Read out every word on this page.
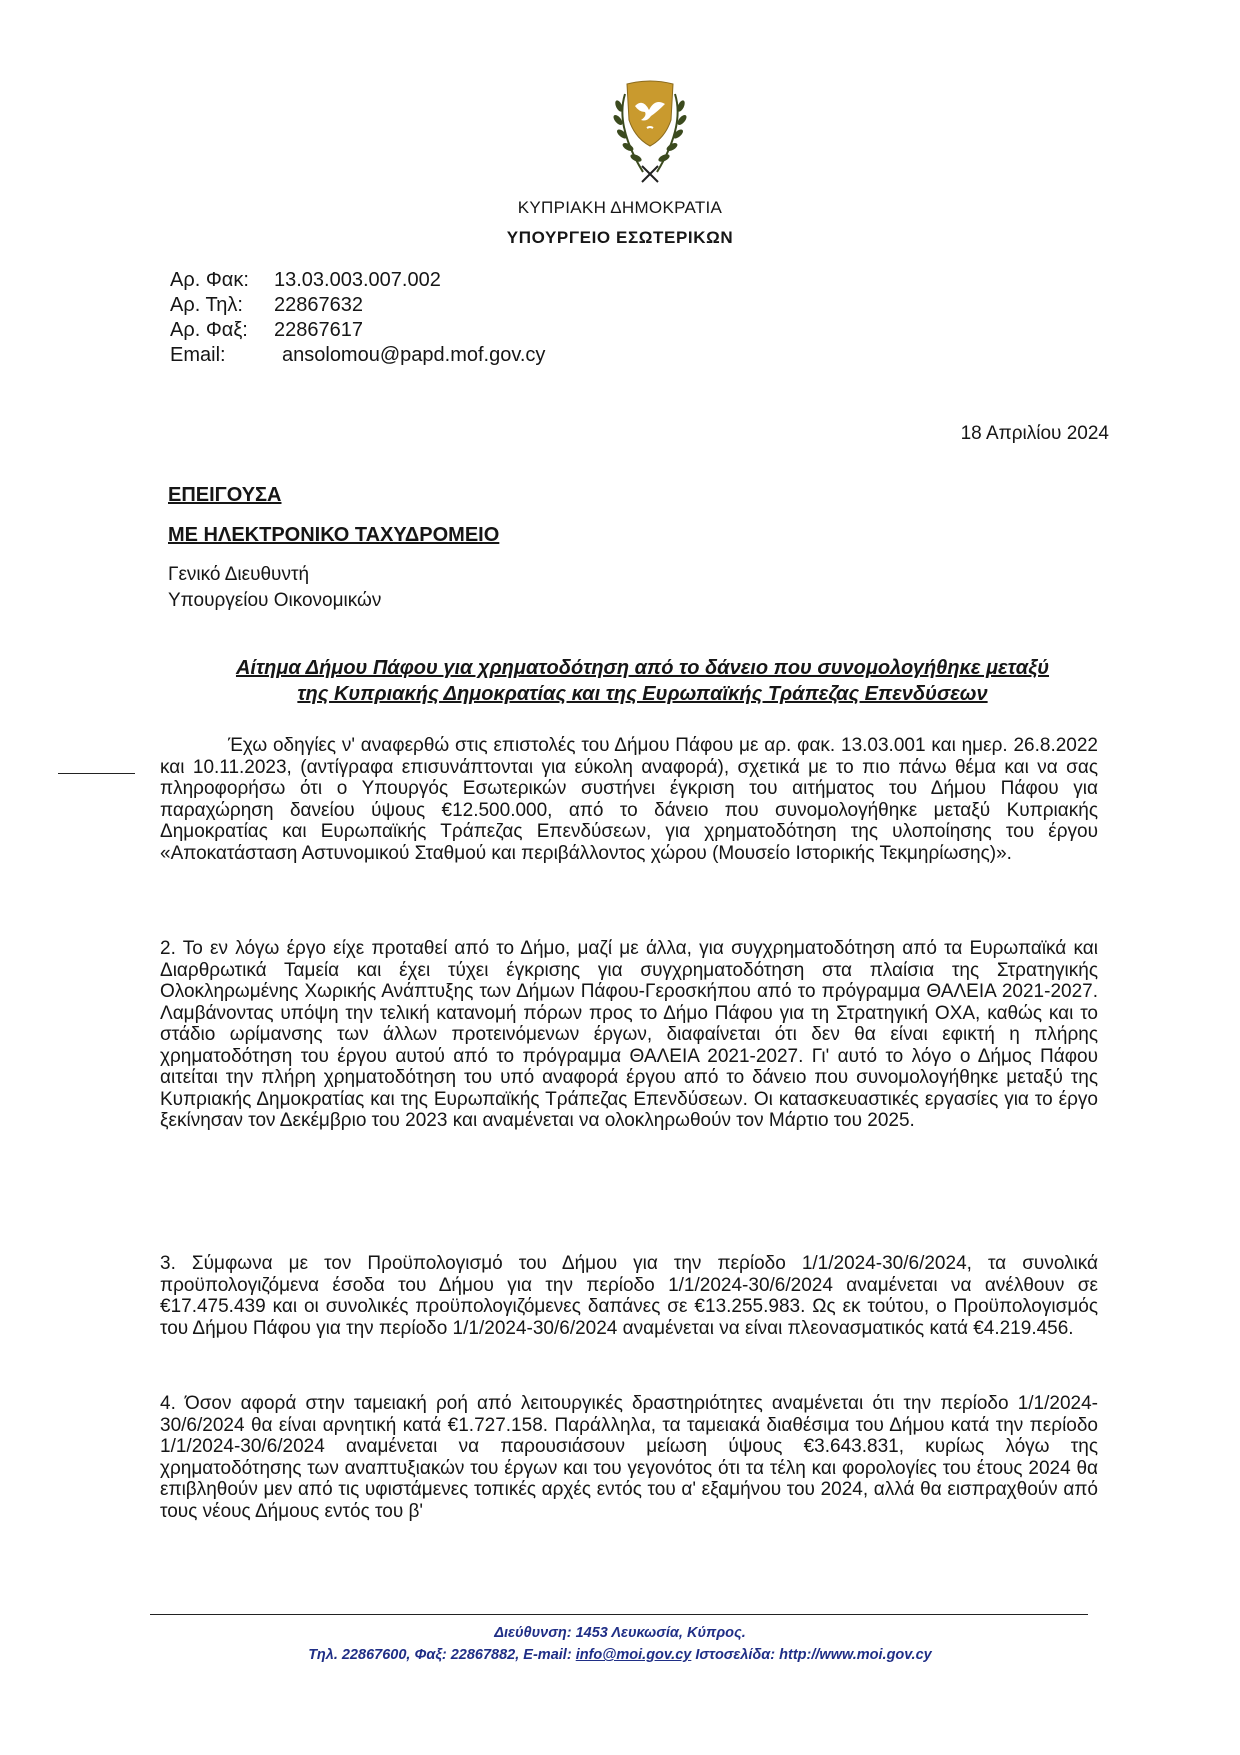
ΚΥΠΡΙΑΚΗ ΔΗΜΟΚΡΑΤΙΑ
ΥΠΟΥΡΓΕΙΟ ΕΣΩΤΕΡΙΚΩΝ
Αρ. Φακ:	13.03.003.007.002
Αρ. Τηλ:	22867632
Αρ. Φαξ:	22867617
Email:	ansolomou@papd.mof.gov.cy
18 Απριλίου 2024
ΕΠΕΙΓΟΥΣΑ
ΜΕ ΗΛΕΚΤΡΟΝΙΚΟ ΤΑΧΥΔΡΟΜΕΙΟ
Γενικό Διευθυντή
Υπουργείου Οικονομικών
Αίτημα Δήμου Πάφου για χρηματοδότηση από το δάνειο που συνομολογήθηκε μεταξύ
της Κυπριακής Δημοκρατίας και της Ευρωπαϊκής Τράπεζας Επενδύσεων

Έχω οδηγίες ν' αναφερθώ στις επιστολές του Δήμου Πάφου με αρ. φακ. 13.03.001 και ημερ. 26.8.2022 και 10.11.2023, (αντίγραφα επισυνάπτονται για εύκολη αναφορά), σχετικά με το πιο πάνω θέμα και να σας πληροφορήσω ότι ο Υπουργός Εσωτερικών συστήνει έγκριση του αιτήματος του Δήμου Πάφου για παραχώρηση δανείου ύψους €12.500.000, από το δάνειο που συνομολογήθηκε μεταξύ Κυπριακής Δημοκρατίας και Ευρωπαϊκής Τράπεζας Επενδύσεων, για χρηματοδότηση της υλοποίησης του έργου «Αποκατάσταση Αστυνομικού Σταθμού και περιβάλλοντος χώρου (Μουσείο Ιστορικής Τεκμηρίωσης)».

2. Το εν λόγω έργο είχε προταθεί από το Δήμο, μαζί με άλλα, για συγχρηματοδότηση από τα Ευρωπαϊκά και Διαρθρωτικά Ταμεία και έχει τύχει έγκρισης για συγχρηματοδότηση στα πλαίσια της Στρατηγικής Ολοκληρωμένης Χωρικής Ανάπτυξης των Δήμων Πάφου-Γεροσκήπου από το πρόγραμμα ΘΑΛΕΙΑ 2021-2027. Λαμβάνοντας υπόψη την τελική κατανομή πόρων προς το Δήμο Πάφου για τη Στρατηγική ΟΧΑ, καθώς και το στάδιο ωρίμανσης των άλλων προτεινόμενων έργων, διαφαίνεται ότι δεν θα είναι εφικτή η πλήρης χρηματοδότηση του έργου αυτού από το πρόγραμμα ΘΑΛΕΙΑ 2021-2027. Γι' αυτό το λόγο ο Δήμος Πάφου αιτείται την πλήρη χρηματοδότηση του υπό αναφορά έργου από το δάνειο που συνομολογήθηκε μεταξύ της Κυπριακής Δημοκρατίας και της Ευρωπαϊκής Τράπεζας Επενδύσεων. Οι κατασκευαστικές εργασίες για το έργο ξεκίνησαν τον Δεκέμβριο του 2023 και αναμένεται να ολοκληρωθούν τον Μάρτιο του 2025.

3. Σύμφωνα με τον Προϋπολογισμό του Δήμου για την περίοδο 1/1/2024-30/6/2024, τα συνολικά προϋπολογιζόμενα έσοδα του Δήμου για την περίοδο 1/1/2024-30/6/2024 αναμένεται να ανέλθουν σε €17.475.439 και οι συνολικές προϋπολογιζόμενες δαπάνες σε €13.255.983. Ως εκ τούτου, ο Προϋπολογισμός του Δήμου Πάφου για την περίοδο 1/1/2024-30/6/2024 αναμένεται να είναι πλεονασματικός κατά €4.219.456.

4. Όσον αφορά στην ταμειακή ροή από λειτουργικές δραστηριότητες αναμένεται ότι την περίοδο 1/1/2024-30/6/2024 θα είναι αρνητική κατά €1.727.158. Παράλληλα, τα ταμειακά διαθέσιμα του Δήμου κατά την περίοδο 1/1/2024-30/6/2024 αναμένεται να παρουσιάσουν μείωση ύψους €3.643.831, κυρίως λόγω της χρηματοδότησης των αναπτυξιακών του έργων και του γεγονότος ότι τα τέλη και φορολογίες του έτους 2024 θα επιβληθούν μεν από τις υφιστάμενες τοπικές αρχές εντός του α' εξαμήνου του 2024, αλλά θα εισπραχθούν από τους νέους Δήμους εντός του β'

Διεύθυνση: 1453 Λευκωσία, Κύπρος.
Τηλ. 22867600, Φαξ: 22867882, E-mail: info@moi.gov.cy Ιστοσελίδα: http://www.moi.gov.cy
